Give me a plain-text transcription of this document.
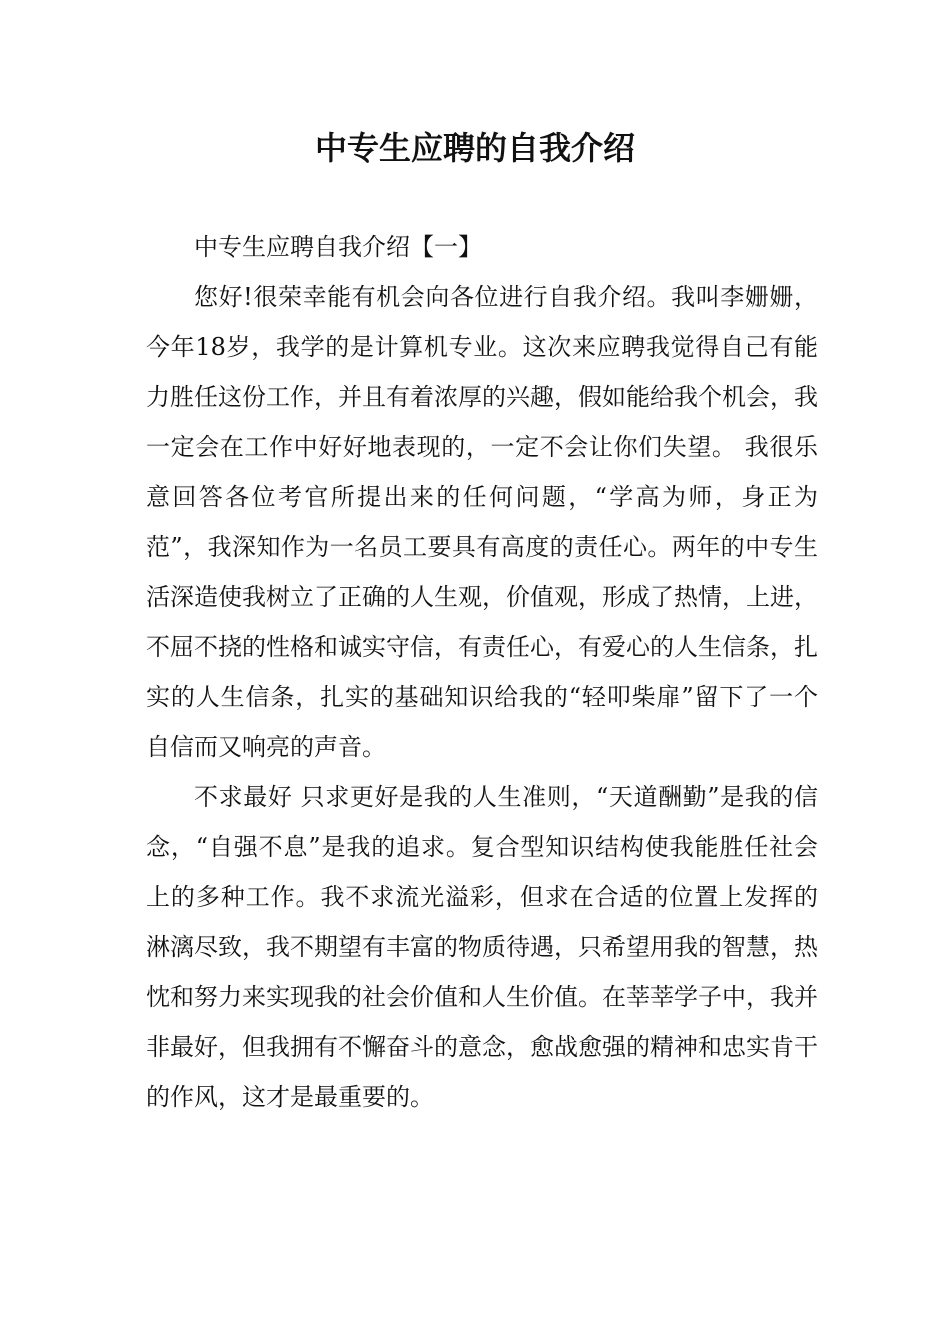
中专生应聘的自我介绍

中专生应聘自我介绍【一】

您好!很荣幸能有机会向各位进行自我介绍。我叫李姗姗，今年18岁，我学的是计算机专业。这次来应聘我觉得自己有能力胜任这份工作，并且有着浓厚的兴趣，假如能给我个机会，我一定会在工作中好好地表现的，一定不会让你们失望。 我很乐意回答各位考官所提出来的任何问题，“学高为师，身正为范”，我深知作为一名员工要具有高度的责任心。两年的中专生活深造使我树立了正确的人生观，价值观，形成了热情，上进，不屈不挠的性格和诚实守信，有责任心，有爱心的人生信条，扎实的人生信条，扎实的基础知识给我的“轻叩柴扉”留下了一个自信而又响亮的声音。

不求最好 只求更好是我的人生准则，“天道酬勤”是我的信念，“自强不息”是我的追求。复合型知识结构使我能胜任社会上的多种工作。我不求流光溢彩，但求在合适的位置上发挥的 淋漓尽致，我不期望有丰富的物质待遇，只希望用我的智慧，热忱和努力来实现我的社会价值和人生价值。在莘莘学子中，我并非最好，但我拥有不懈奋斗的意念，愈战愈强的精神和忠实肯干的作风，这才是最重要的。
